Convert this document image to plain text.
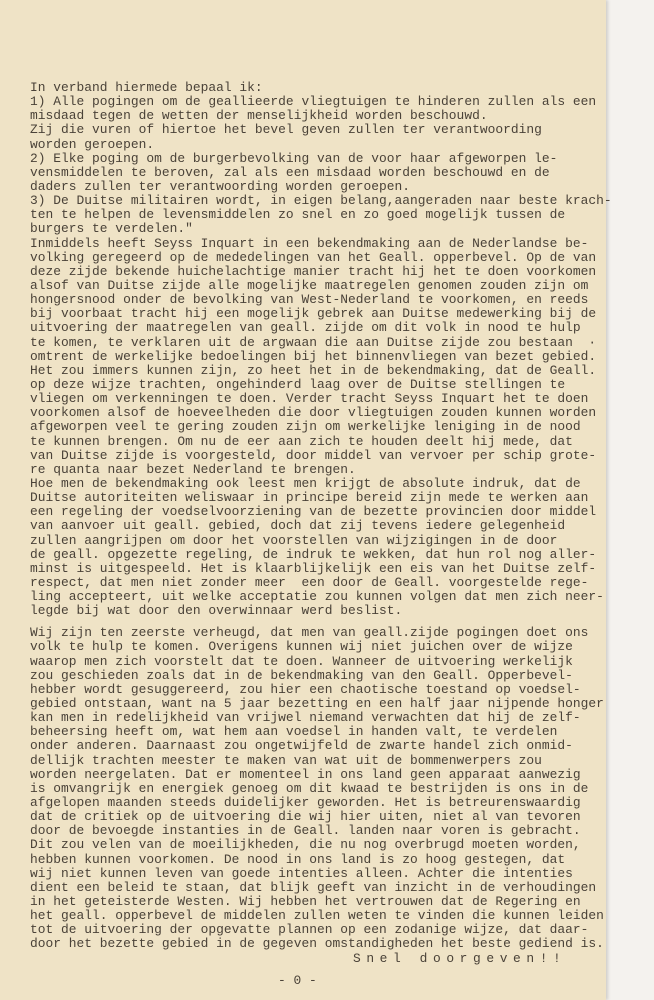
In verband hiermede bepaal ik:
1) Alle pogingen om de geallieerde vliegtuigen te hinderen zullen als een
misdaad tegen de wetten der menselijkheid worden beschouwd.
Zij die vuren of hiertoe het bevel geven zullen ter verantwoording
worden geroepen.
2) Elke poging om de burgerbevolking van de voor haar afgeworpen le-
vensmiddelen te beroven, zal als een misdaad worden beschouwd en de
daders zullen ter verantwoording worden geroepen.
3) De Duitse militairen wordt, in eigen belang,aangeraden naar beste krach-
ten te helpen de levensmiddelen zo snel en zo goed mogelijk tussen de
burgers te verdelen."
Inmiddels heeft Seyss Inquart in een bekendmaking aan de Nederlandse be-
volking geregeerd op de mededelingen van het Geall. opperbevel. Op de van
deze zijde bekende huichelachtige manier tracht hij het te doen voorkomen
alsof van Duitse zijde alle mogelijke maatregelen genomen zouden zijn om
hongersnood onder de bevolking van West-Nederland te voorkomen, en reeds
bij voorbaat tracht hij een mogelijk gebrek aan Duitse medewerking bij de
uitvoering der maatregelen van geall. zijde om dit volk in nood te hulp
te komen, te verklaren uit de argwaan die aan Duitse zijde zou bestaan  ·
omtrent de werkelijke bedoelingen bij het binnenvliegen van bezet gebied.
Het zou immers kunnen zijn, zo heet het in de bekendmaking, dat de Geall.
op deze wijze trachten, ongehinderd laag over de Duitse stellingen te
vliegen om verkenningen te doen. Verder tracht Seyss Inquart het te doen
voorkomen alsof de hoeveelheden die door vliegtuigen zouden kunnen worden
afgeworpen veel te gering zouden zijn om werkelijke leniging in de nood
te kunnen brengen. Om nu de eer aan zich te houden deelt hij mede, dat
van Duitse zijde is voorgesteld, door middel van vervoer per schip grote-
re quanta naar bezet Nederland te brengen.
Hoe men de bekendmaking ook leest men krijgt de absolute indruk, dat de
Duitse autoriteiten weliswaar in principe bereid zijn mede te werken aan
een regeling der voedselvoorziening van de bezette provincien door middel
van aanvoer uit geall. gebied, doch dat zij tevens iedere gelegenheid
zullen aangrijpen om door het voorstellen van wijzigingen in de door
de geall. opgezette regeling, de indruk te wekken, dat hun rol nog aller-
minst is uitgespeeld. Het is klaarblijkelijk een eis van het Duitse zelf-
respect, dat men niet zonder meer  een door de Geall. voorgestelde rege-
ling accepteert, uit welke acceptatie zou kunnen volgen dat men zich neer-
legde bij wat door den overwinnaar werd beslist.
Wij zijn ten zeerste verheugd, dat men van geall.zijde pogingen doet ons
volk te hulp te komen. Overigens kunnen wij niet juichen over de wijze
waarop men zich voorstelt dat te doen. Wanneer de uitvoering werkelijk
zou geschieden zoals dat in de bekendmaking van den Geall. Opperbevel-
hebber wordt gesuggereerd, zou hier een chaotische toestand op voedsel-
gebied ontstaan, want na 5 jaar bezetting en een half jaar nijpende honger
kan men in redelijkheid van vrijwel niemand verwachten dat hij de zelf-
beheersing heeft om, wat hem aan voedsel in handen valt, te verdelen
onder anderen. Daarnaast zou ongetwijfeld de zwarte handel zich onmid-
dellijk trachten meester te maken van wat uit de bommenwerpers zou
worden neergelaten. Dat er momenteel in ons land geen apparaat aanwezig
is omvangrijk en energiek genoeg om dit kwaad te bestrijden is ons in de
afgelopen maanden steeds duidelijker geworden. Het is betreurenswaardig
dat de critiek op de uitvoering die wij hier uiten, niet al van tevoren
door de bevoegde instanties in de Geall. landen naar voren is gebracht.
Dit zou velen van de moeilijkheden, die nu nog overbrugd moeten worden,
hebben kunnen voorkomen. De nood in ons land is zo hoog gestegen, dat
wij niet kunnen leven van goede intenties alleen. Achter die intenties
dient een beleid te staan, dat blijk geeft van inzicht in de verhoudingen
in het geteisterde Westen. Wij hebben het vertrouwen dat de Regering en
het geall. opperbevel de middelen zullen weten te vinden die kunnen leiden
tot de uitvoering der opgevatte plannen op een zodanige wijze, dat daar-
door het bezette gebied in de gegeven omstandigheden het beste gediend is.
Snel doorgeven!!
- 0 -
